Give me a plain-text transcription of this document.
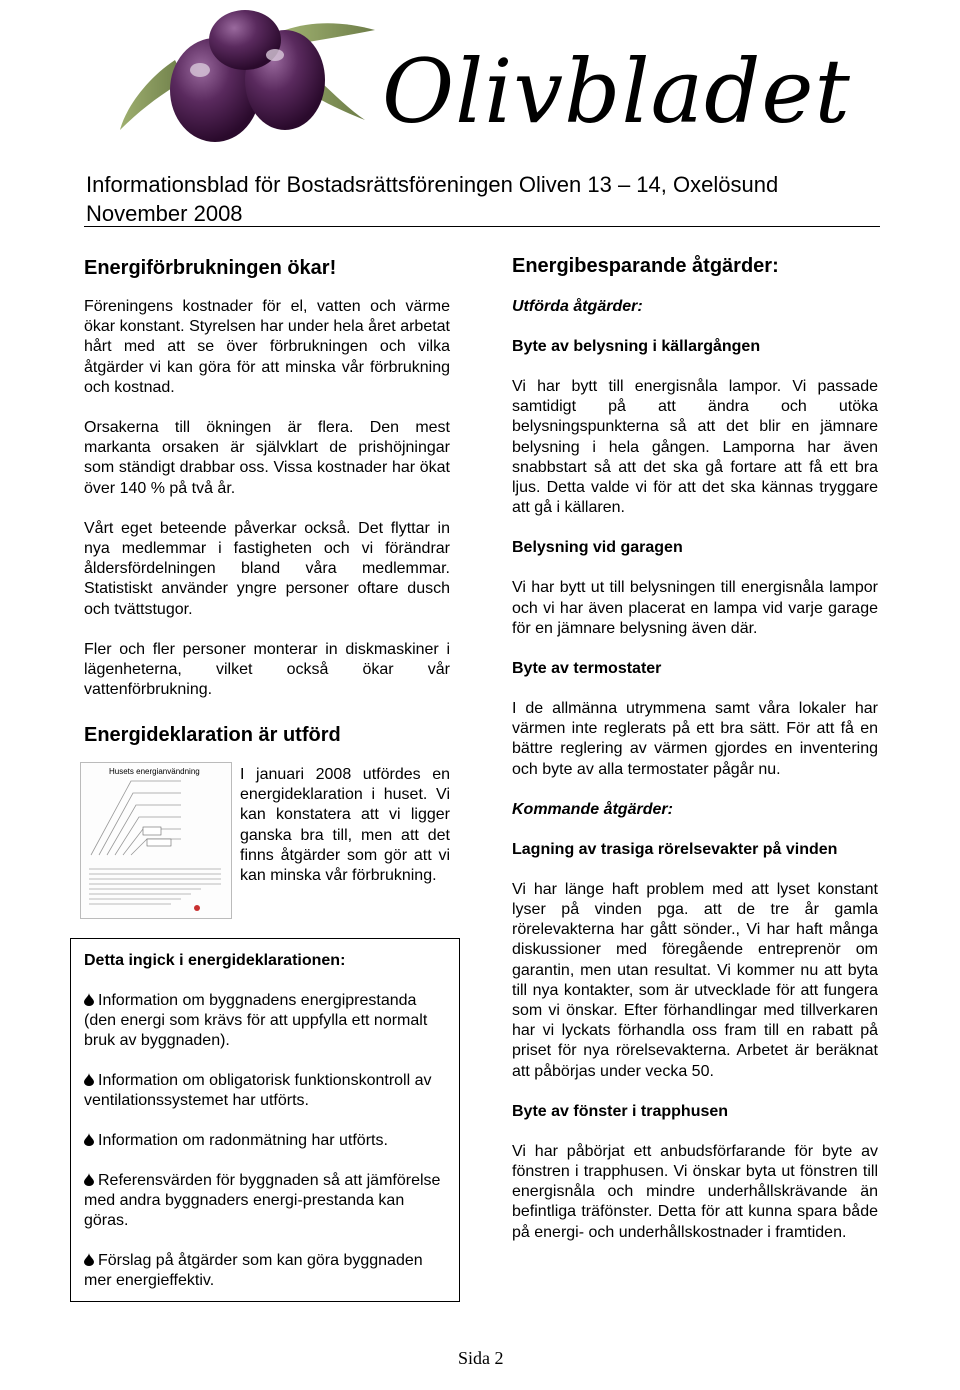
Olivbladet
Informationsblad för Bostadsrättsföreningen Oliven 13 – 14, Oxelösund
November 2008
Energiförbrukningen ökar!

Föreningens kostnader för el, vatten och värme ökar konstant. Styrelsen har under hela året arbetat hårt med att se över förbrukningen och vilka åtgärder vi kan göra för att minska vår förbrukning och kostnad.

Orsakerna till ökningen är flera. Den mest markanta orsaken är självklart de prishöjningar som ständigt drabbar oss. Vissa kostnader har ökat över 140 % på två år.

Vårt eget beteende påverkar också. Det flyttar in nya medlemmar i fastigheten och vi förändrar åldersfördelningen bland våra medlemmar. Statistiskt använder yngre personer oftare dusch och tvättstugor.

Fler och fler personer monterar in diskmaskiner i lägenheterna, vilket också ökar vår vattenförbrukning.

Energideklaration är utförd
Husets energianvändning	I januari 2008 utfördes en energideklaration i huset. Vi kan konstatera att vi ligger ganska bra till, men att det finns åtgärder som gör att vi kan minska vår förbrukning.

Detta ingick i energideklarationen:

Information om byggnadens energiprestanda (den energi som krävs för att uppfylla ett normalt bruk av byggnaden).

Information om obligatorisk funktionskontroll av ventilationssystemet har utförts.

Information om radonmätning har utförts.

Referensvärden för byggnaden så att jämförelse med andra byggnaders energi-prestanda kan göras.

Förslag på åtgärder som kan göra byggnaden mer energieffektiv.

Energibesparande åtgärder:

Utförda åtgärder:

Byte av belysning i källargången

Vi har bytt till energisnåla lampor. Vi passade samtidigt på att ändra och utöka belysningspunkterna så att det blir en jämnare belysning i hela gången. Lamporna har även snabbstart så att det ska gå fortare att få ett bra ljus. Detta valde vi för att det ska kännas tryggare att gå i källaren.

Belysning vid garagen

Vi har bytt ut till belysningen till energisnåla lampor och vi har även placerat en lampa vid varje garage för en jämnare belysning även där.

Byte av termostater

I de allmänna utrymmena samt våra lokaler har värmen inte reglerats på ett bra sätt. För att få en bättre reglering av värmen gjordes en inventering och byte av alla termostater pågår nu.

Kommande åtgärder:

Lagning av trasiga rörelsevakter på vinden

Vi har länge haft problem med att lyset konstant lyser på vinden pga. att de tre år gamla rörelevakterna har gått sönder., Vi har haft många diskussioner med föregående entreprenör om garantin, men utan resultat. Vi kommer nu att byta till nya kontakter, som är utvecklade för att fungera som vi önskar. Efter förhandlingar med tillverkaren har vi lyckats förhandla oss fram till en rabatt på priset för nya rörelsevakterna. Arbetet är beräknat att påbörjas under vecka 50.

Byte av fönster i trapphusen

Vi har påbörjat ett anbudsförfarande för byte av fönstren i trapphusen. Vi önskar byta ut fönstren till energisnåla och mindre underhållskrävande än befintliga träfönster. Detta för att kunna spara både på energi- och underhållskostnader i framtiden.

Sida 2
